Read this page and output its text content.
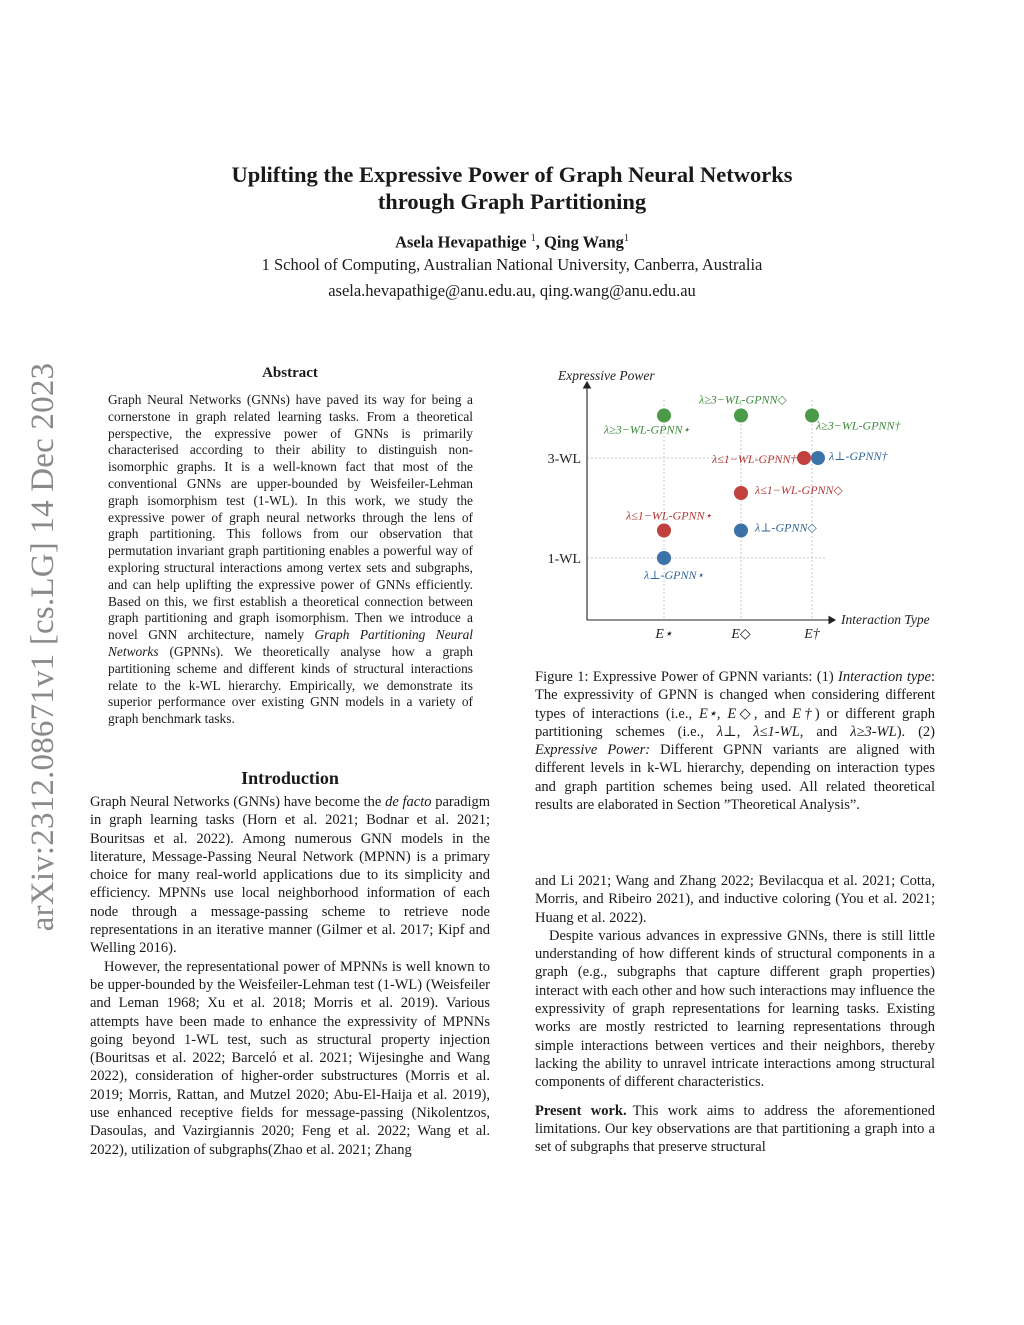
arXiv:2312.08671v1 [cs.LG] 14 Dec 2023
Uplifting the Expressive Power of Graph Neural Networks
through Graph Partitioning
Asela Hevapathige $^1$, Qing Wang$^1$
1 School of Computing, Australian National University, Canberra, Australia
asela.hevapathige@anu.edu.au, qing.wang@anu.edu.au
Abstract
Graph Neural Networks (GNNs) have paved its way for being a cornerstone in graph related learning tasks. From a theoretical perspective, the expressive power of GNNs is primarily characterised according to their ability to distinguish non-isomorphic graphs. It is a well-known fact that most of the conventional GNNs are upper-bounded by Weisfeiler-Lehman graph isomorphism test (1-WL). In this work, we study the expressive power of graph neural networks through the lens of graph partitioning. This follows from our observation that permutation invariant graph partitioning enables a powerful way of exploring structural interactions among vertex sets and subgraphs, and can help uplifting the expressive power of GNNs efficiently. Based on this, we first establish a theoretical connection between graph partitioning and graph isomorphism. Then we introduce a novel GNN architecture, namely Graph Partitioning Neural Networks (GPNNs). We theoretically analyse how a graph partitioning scheme and different kinds of structural interactions relate to the k-WL hierarchy. Empirically, we demonstrate its superior performance over existing GNN models in a variety of graph benchmark tasks.
Introduction

Graph Neural Networks (GNNs) have become the de facto paradigm in graph learning tasks (Horn et al. 2021; Bodnar et al. 2021; Bouritsas et al. 2022). Among numerous GNN models in the literature, Message-Passing Neural Network (MPNN) is a primary choice for many real-world applications due to its simplicity and efficiency. MPNNs use local neighborhood information of each node through a message-passing scheme to retrieve node representations in an iterative manner (Gilmer et al. 2017; Kipf and Welling 2016).

However, the representational power of MPNNs is well known to be upper-bounded by the Weisfeiler-Lehman test (1-WL) (Weisfeiler and Leman 1968; Xu et al. 2018; Morris et al. 2019). Various attempts have been made to enhance the expressivity of MPNNs going beyond 1-WL test, such as structural property injection (Bouritsas et al. 2022; Barceló et al. 2021; Wijesinghe and Wang 2022), consideration of higher-order substructures (Morris et al. 2019; Morris, Rattan, and Mutzel 2020; Abu-El-Haija et al. 2019), use enhanced receptive fields for message-passing (Nikolentzos, Dasoulas, and Vazirgiannis 2020; Feng et al. 2022; Wang et al. 2022), utilization of subgraphs(Zhao et al. 2021; Zhang

Expressive Power
Interaction Type
1-WL
3-WL
E⋆	E◇	E†
λ≥3−WL-GPNN⋆
λ≥3−WL-GPNN◇
λ≥3−WL-GPNN†
λ≤1−WL-GPNN⋆
λ≤1−WL-GPNN◇
λ≤1−WL-GPNN†
λ⊥-GPNN⋆
λ⊥-GPNN◇
λ⊥-GPNN†
Figure 1: Expressive Power of GPNN variants: (1) Interaction type: The expressivity of GPNN is changed when considering different types of interactions (i.e., E⋆, E◇, and E†) or different graph partitioning schemes (i.e., λ⊥, λ≤1-WL, and λ≥3-WL). (2) Expressive Power: Different GPNN variants are aligned with different levels in k-WL hierarchy, depending on interaction types and graph partition schemes being used. All related theoretical results are elaborated in Section ”Theoretical Analysis”.

and Li 2021; Wang and Zhang 2022; Bevilacqua et al. 2021; Cotta, Morris, and Ribeiro 2021), and inductive coloring (You et al. 2021; Huang et al. 2022).

Despite various advances in expressive GNNs, there is still little understanding of how different kinds of structural components in a graph (e.g., subgraphs that capture different graph properties) interact with each other and how such interactions may influence the expressivity of graph representations for learning tasks. Existing works are mostly restricted to learning representations through simple interactions between vertices and their neighbors, thereby lacking the ability to unravel intricate interactions among structural components of different characteristics.

Present work. This work aims to address the aforementioned limitations. Our key observations are that partitioning a graph into a set of subgraphs that preserve structural
